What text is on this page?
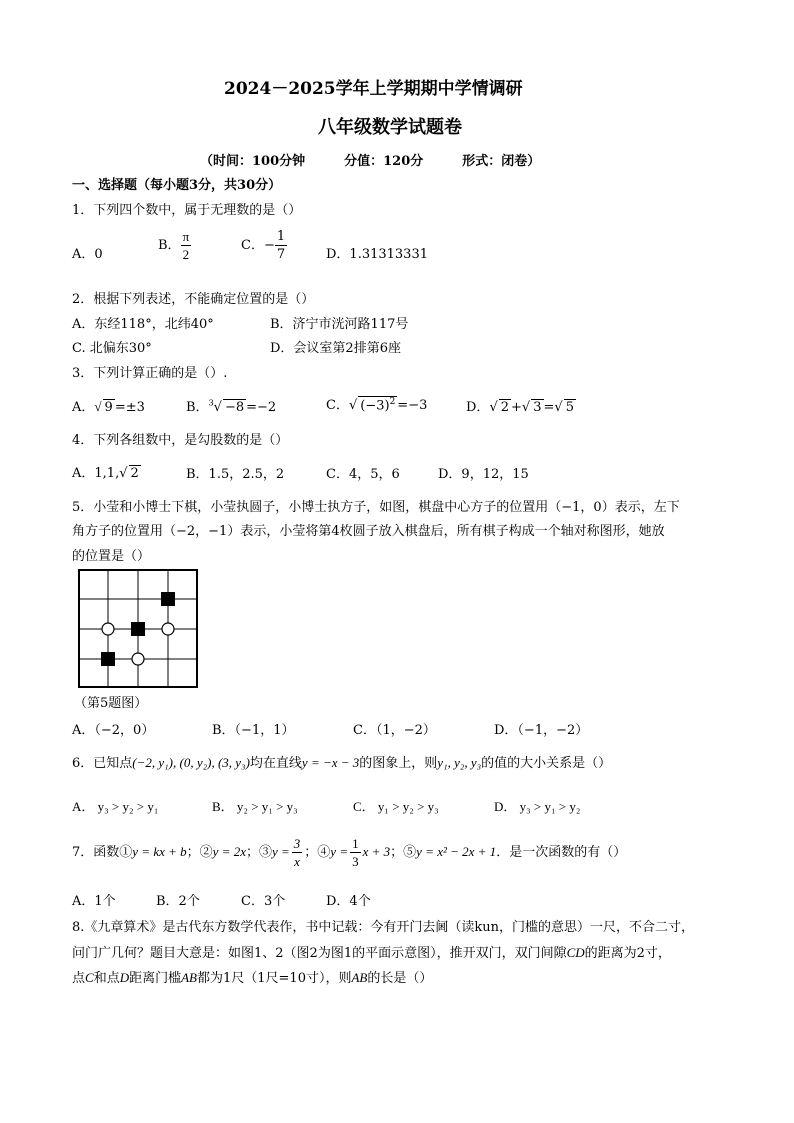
2024－2025学年上学期期中学情调研
八年级数学试题卷
（时间：100分钟　　　分值：120分　　　形式：闭卷）
一、选择题（每小题3分，共30分）
1．下列四个数中，属于无理数的是（）
A．0
B． $\frac{\pi}{2}$	C．− $\frac{1}{7}$	D．1.31313331
2．根据下列表述，不能确定位置的是（）
A．东经118°，北纬40°	B．济宁市洸河路117号
C. 北偏东30°	D．会议室第2排第6座
3．下列计算正确的是（）.
A．√ 9 =±3	B．$^3$√ −8 =−2	C．√ $(-3)^2 =-3$	D．√ 2 +√ 3 =√ 5
4．下列各组数中，是勾股数的是（）
A．1,1,√ 2	B．1.5，2.5，2	C．4，5，6	D．9，12，15
5．小莹和小博士下棋，小莹执圆子，小博士执方子，如图，棋盘中心方子的位置用（−1，0）表示，左下
角方子的位置用（−2，−1）表示，小莹将第4枚圆子放入棋盘后，所有棋子构成一个轴对称图形，她放
的位置是（）
（第5题图）
A．（−2，0）	B．（−1，1）	C．（1，−2）	D．（−1，−2）
6．已知点(−2, y₁), (0, y₂), (3, y₃)均在直线y = −x − 3的图象上，则y₁, y₂, y₃的值的大小关系是（）
A． y₃ > y₂ > y₁	B． y₂ > y₁ > y₃	C． y₁ > y₂ > y₃	D． y₃ > y₁ > y₂
7．函数①y = kx + b；②y = 2x；③y = $\frac{3}{x}$ ；④y = $\frac{1}{3}$ x + 3；⑤y = x² − 2x + 1．是一次函数的有（）
A．1个	B．2个	C．3个	D．4个
8.《九章算术》是古代东方数学代表作，书中记载：今有开门去阃（读kun，门槛的意思）一尺，不合二寸，
问门广几何？题目大意是：如图1、2（图2为图1的平面示意图），推开双门，双门间隙CD的距离为2寸，
点C和点D距离门槛AB都为1尺（1尺=10寸），则AB的长是（）
